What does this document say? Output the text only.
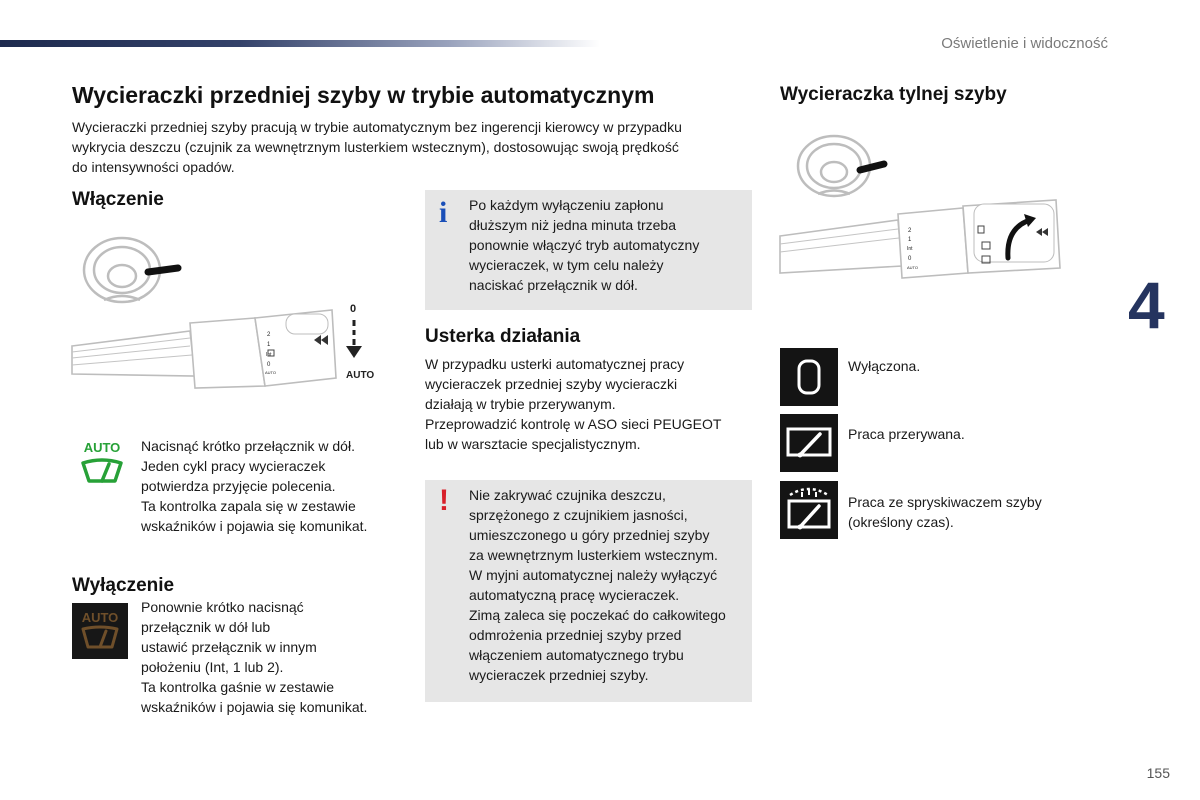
Oświetlenie i widoczność
4
155
Wycieraczki przedniej szyby w trybie automatycznym
Wycieraczki przedniej szyby pracują w trybie automatycznym bez ingerencji kierowcy w przypadku
wykrycia deszczu (czujnik za wewnętrznym lusterkiem wstecznym), dostosowując swoją prędkość
do intensywności opadów.
Włączenie
2
1
Int
0
AUTO
0
AUTO
AUTO	Nacisnąć krótko przełącznik w dół.
Jeden cykl pracy wycieraczek
potwierdza przyjęcie polecenia.
Ta kontrolka zapala się w zestawie
wskaźników i pojawia się komunikat.
Wyłączenie
AUTO
Ponownie krótko nacisnąć
przełącznik w dół lub
ustawić przełącznik w innym
położeniu (Int, 1 lub 2).
Ta kontrolka gaśnie w zestawie
wskaźników i pojawia się komunikat.
i Po każdym wyłączeniu zapłonu
dłuższym niż jedna minuta trzeba
ponownie włączyć tryb automatyczny
wycieraczek, w tym celu należy
naciskać przełącznik w dół.
Usterka działania
W przypadku usterki automatycznej pracy
wycieraczek przedniej szyby wycieraczki
działają w trybie przerywanym.
Przeprowadzić kontrolę w ASO sieci PEUGEOT
lub w warsztacie specjalistycznym.
! Nie zakrywać czujnika deszczu,
sprzężonego z czujnikiem jasności,
umieszczonego u góry przedniej szyby
za wewnętrznym lusterkiem wstecznym.
W myjni automatycznej należy wyłączyć
automatyczną pracę wycieraczek.
Zimą zaleca się poczekać do całkowitego
odmrożenia przedniej szyby przed
włączeniem automatycznego trybu
wycieraczek przedniej szyby.
Wycieraczka tylnej szyby
2
1
Int
0
AUTO
Wyłączona.
Praca przerywana.
Praca ze spryskiwaczem szyby
(określony czas).
